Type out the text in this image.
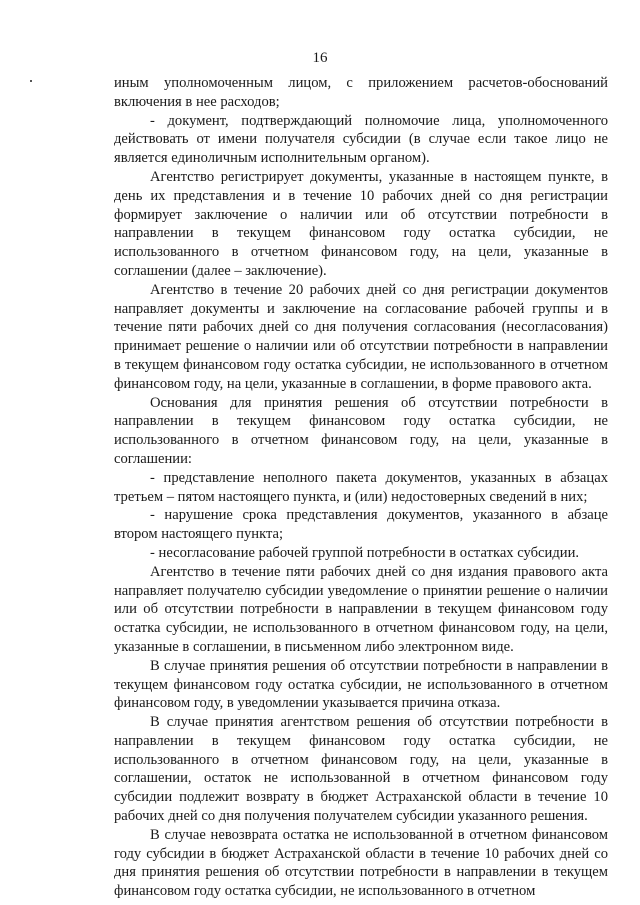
16

иным уполномоченным лицом, с приложением расчетов-обоснований включения в нее расходов;

- документ, подтверждающий полномочие лица, уполномоченного действовать от имени получателя субсидии (в случае если такое лицо не является единоличным исполнительным органом).

Агентство регистрирует документы, указанные в настоящем пункте, в день их представления и в течение 10 рабочих дней со дня регистрации формирует заключение о наличии или об отсутствии потребности в направлении в текущем финансовом году остатка субсидии, не использованного в отчетном финансовом году, на цели, указанные в соглашении (далее – заключение).

Агентство в течение 20 рабочих дней со дня регистрации документов направляет документы и заключение на согласование рабочей группы и в течение пяти рабочих дней со дня получения согласования (несогласования) принимает решение о наличии или об отсутствии потребности в направлении в текущем финансовом году остатка субсидии, не использованного в отчетном финансовом году, на цели, указанные в соглашении, в форме правового акта.

Основания для принятия решения об отсутствии потребности в направлении в текущем финансовом году остатка субсидии, не использованного в отчетном финансовом году, на цели, указанные в соглашении:

- представление неполного пакета документов, указанных в абзацах третьем – пятом настоящего пункта, и (или) недостоверных сведений в них;

- нарушение срока представления документов, указанного в абзаце втором настоящего пункта;

- несогласование рабочей группой потребности в остатках субсидии.

Агентство в течение пяти рабочих дней со дня издания правового акта направляет получателю субсидии уведомление о принятии решение о наличии или об отсутствии потребности в направлении в текущем финансовом году остатка субсидии, не использованного в отчетном финансовом году, на цели, указанные в соглашении, в письменном либо электронном виде.

В случае принятия решения об отсутствии потребности в направлении в текущем финансовом году остатка субсидии, не использованного в отчетном финансовом году, в уведомлении указывается причина отказа.

В случае принятия агентством решения об отсутствии потребности в направлении в текущем финансовом году остатка субсидии, не использованного в отчетном финансовом году, на цели, указанные в соглашении, остаток не использованной в отчетном финансовом году субсидии подлежит возврату в бюджет Астраханской области в течение 10 рабочих дней со дня получения получателем субсидии указанного решения.

В случае невозврата остатка не использованной в отчетном финансовом году субсидии в бюджет Астраханской области в течение 10 рабочих дней со дня принятия решения об отсутствии потребности в направлении в текущем финансовом году остатка субсидии, не использованного в отчетном
